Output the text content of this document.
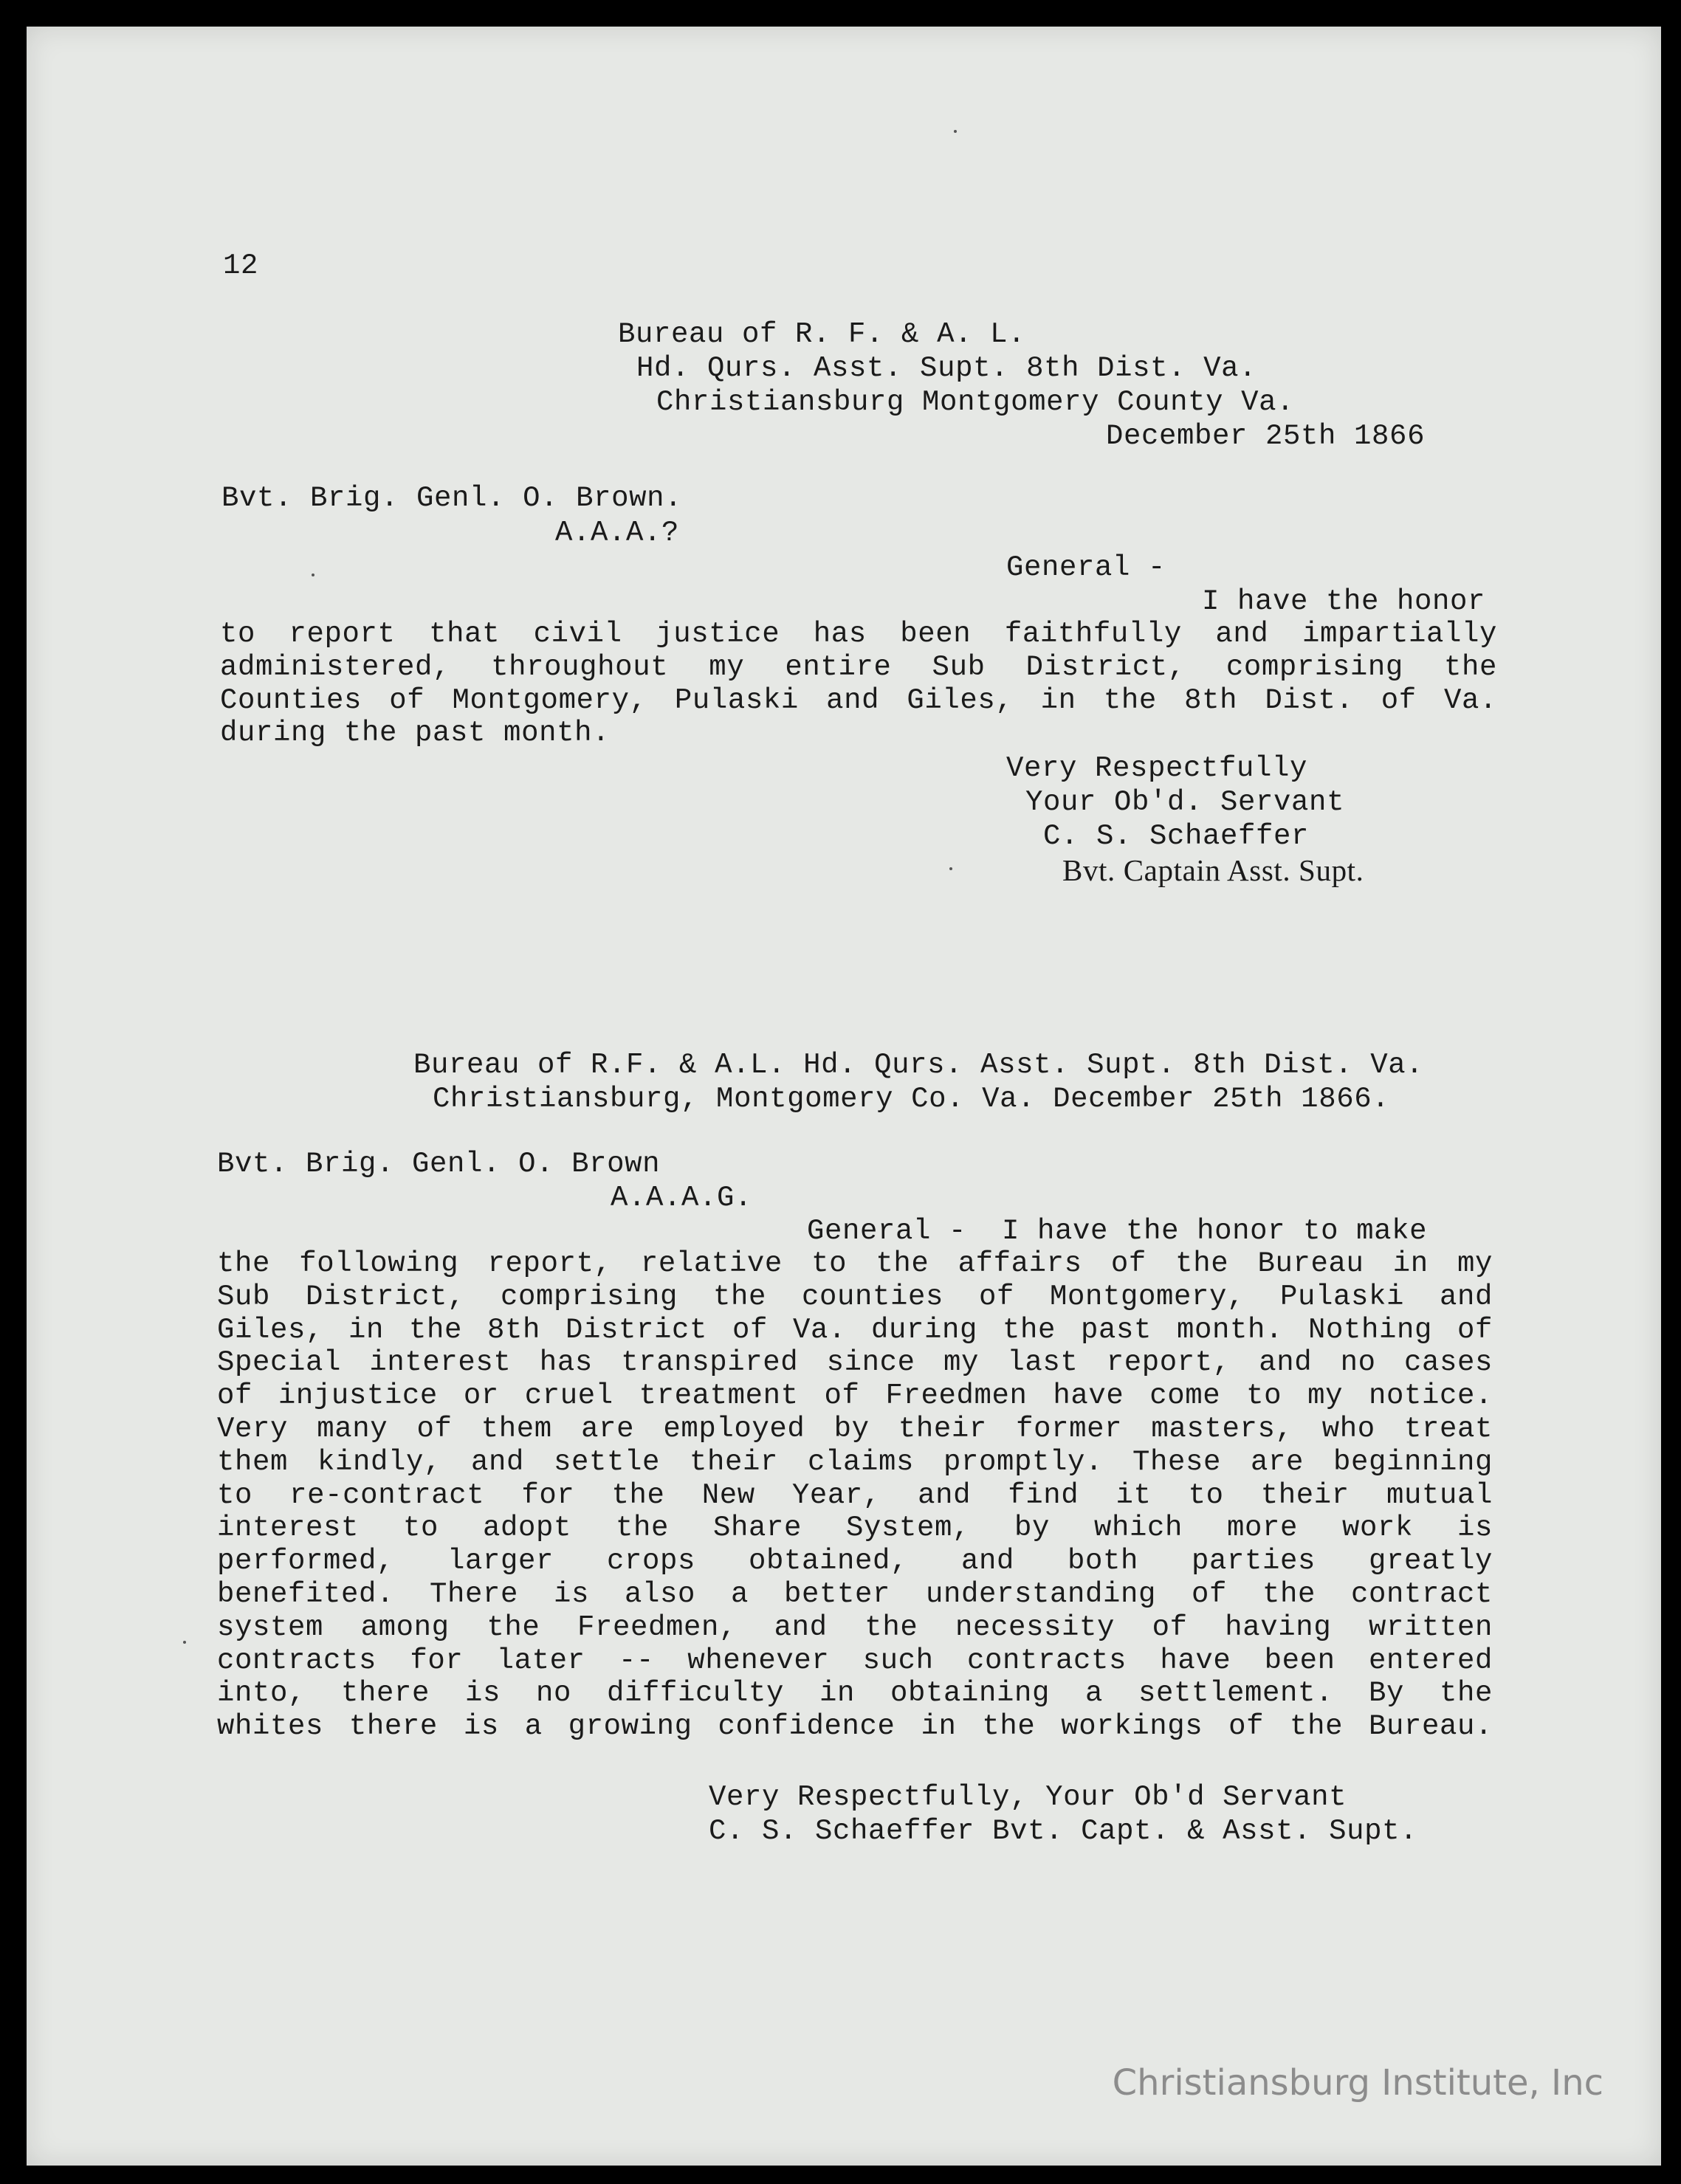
12
Bureau of R. F. & A. L.
Hd. Qurs. Asst. Supt. 8th Dist. Va.
Christiansburg Montgomery County Va.
December 25th 1866
Bvt. Brig. Genl. O. Brown.
A.A.A.?
General -
I have the honor
to report that civil justice has been faithfully and impartially
administered, throughout my entire Sub District, comprising the
Counties of Montgomery, Pulaski and Giles, in the 8th Dist. of Va.
during the past month.
Very Respectfully
Your Ob'd. Servant
C. S. Schaeffer
Bvt. Captain Asst. Supt.
Bureau of R.F. & A.L. Hd. Qurs. Asst. Supt. 8th Dist. Va.
Christiansburg, Montgomery Co. Va. December 25th 1866.
Bvt. Brig. Genl. O. Brown
A.A.A.G.
General -  I have the honor to make
the following report, relative to the affairs of the Bureau in my
Sub District, comprising the counties of Montgomery, Pulaski and
Giles, in the 8th District of Va. during the past month. Nothing of
Special interest has transpired since my last report, and no cases
of injustice or cruel treatment of Freedmen have come to my notice.
Very many of them are employed by their former masters, who treat
them kindly, and settle their claims promptly. These are beginning
to re-contract for the New Year, and find it to their mutual
interest to adopt the Share System, by which more work is
performed, larger crops obtained, and both parties greatly
benefited. There is also a better understanding of the contract
system among the Freedmen, and the necessity of having written
contracts for later -- whenever such contracts have been entered
into, there is no difficulty in obtaining a settlement. By the
whites there is a growing confidence in the workings of the Bureau.
Very Respectfully, Your Ob'd Servant
C. S. Schaeffer Bvt. Capt. & Asst. Supt.
Christiansburg Institute, Inc
